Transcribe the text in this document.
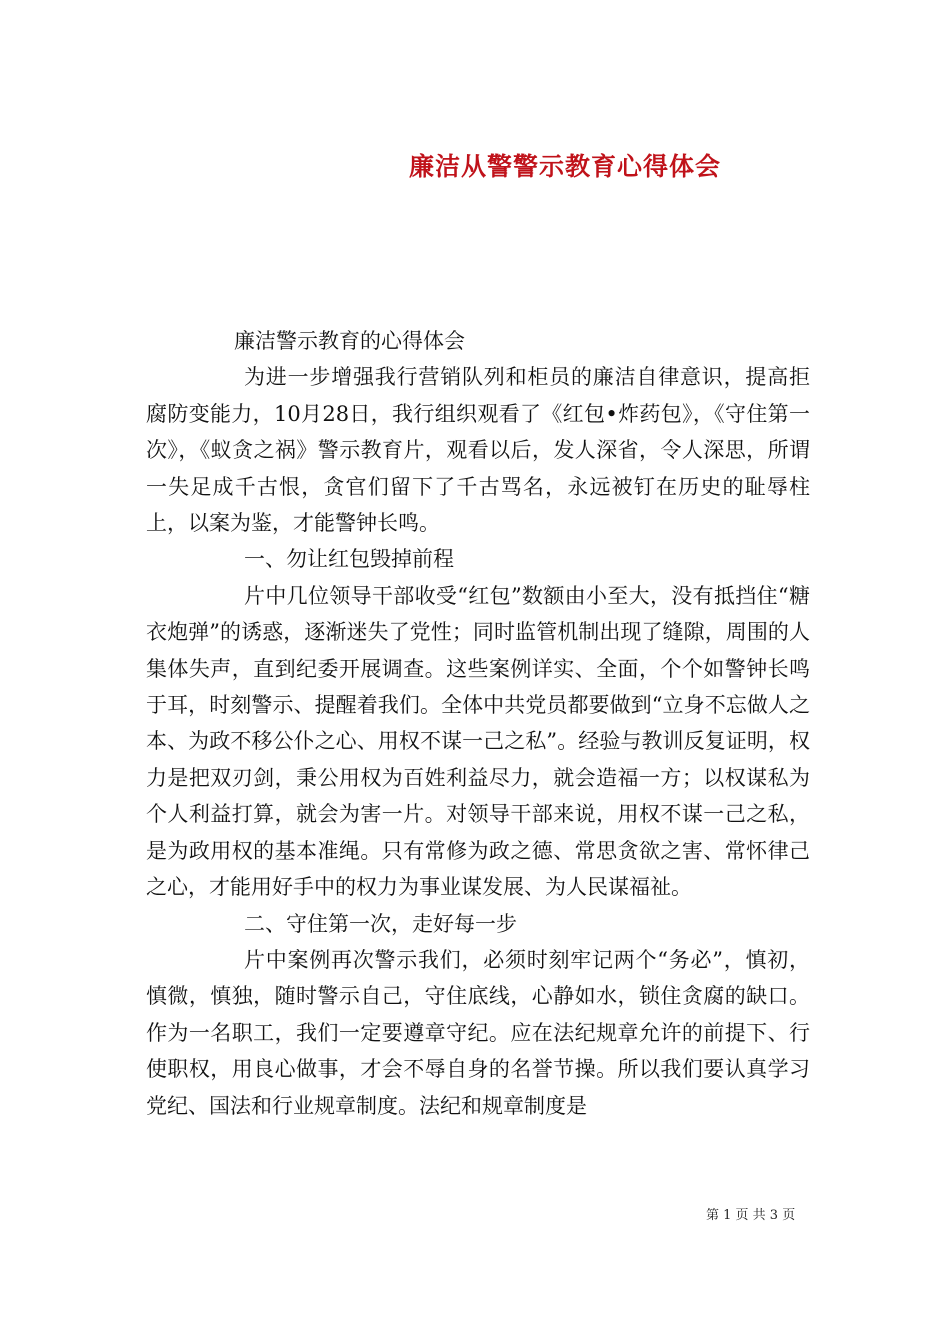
廉洁从警警示教育心得体会

廉洁警示教育的心得体会

为进一步增强我行营销队列和柜员的廉洁自律意识，提高拒腐防变能力，10月28日，我行组织观看了《红包•炸药包》，《守住第一次》，《蚁贪之祸》警示教育片，观看以后，发人深省，令人深思，所谓一失足成千古恨，贪官们留下了千古骂名，永远被钉在历史的耻辱柱上，以案为鉴，才能警钟长鸣。

一、勿让红包毁掉前程

片中几位领导干部收受“红包”数额由小至大，没有抵挡住“糖衣炮弹”的诱惑，逐渐迷失了党性；同时监管机制出现了缝隙，周围的人集体失声，直到纪委开展调查。这些案例详实、全面，个个如警钟长鸣于耳，时刻警示、提醒着我们。全体中共党员都要做到“立身不忘做人之本、为政不移公仆之心、用权不谋一己之私”。经验与教训反复证明，权力是把双刃剑，秉公用权为百姓利益尽力，就会造福一方；以权谋私为个人利益打算，就会为害一片。对领导干部来说，用权不谋一己之私，是为政用权的基本准绳。只有常修为政之德、常思贪欲之害、常怀律己之心，才能用好手中的权力为事业谋发展、为人民谋福祉。

二、守住第一次，走好每一步

片中案例再次警示我们，必须时刻牢记两个“务必”，慎初，慎微，慎独，随时警示自己，守住底线，心静如水，锁住贪腐的缺口。作为一名职工，我们一定要遵章守纪。应在法纪规章允许的前提下、行使职权，用良心做事，才会不辱自身的名誉节操。所以我们要认真学习党纪、国法和行业规章制度。法纪和规章制度是

第 1 页 共 3 页
